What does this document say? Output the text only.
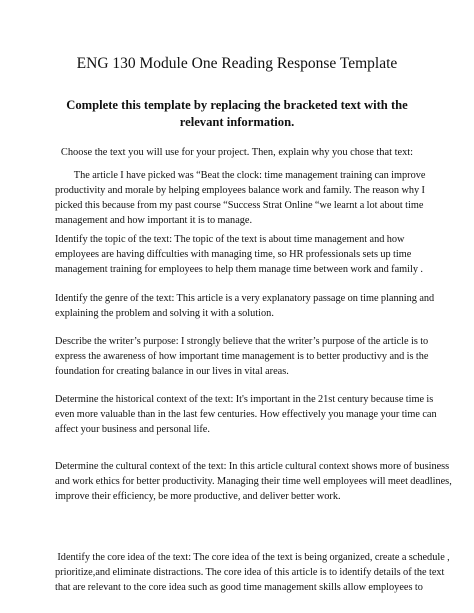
ENG 130 Module One Reading Response Template

Complete this template by replacing the bracketed text with the relevant information.

Choose the text you will use for your project. Then, explain why you chose that text:

The article I have picked was “Beat the clock: time management training can improve
productivity and morale by helping employees balance work and family. The reason why I
picked this because from my past course “Success Strat Online “we learnt a lot about time
management and how important it is to manage.
Identify the topic of the text: The topic of the text is about time management and how
employees are having diffculties with managing time, so HR professionals sets up time
management training for employees to help them manage time between work and family .
Identify the genre of the text: This article is a very explanatory passage on time planning and
explaining the problem and solving it with a solution.
Describe the writer’s purpose: I strongly believe that the writer’s purpose of the article is to
express the awareness of how important time management is to better productivy and is the
foundation for creating balance in our lives in vital areas.
Determine the historical context of the text: It's important in the 21st century because time is
even more valuable than in the last few centuries. How effectively you manage your time can
affect your business and personal life.
Determine the cultural context of the text: In this article cultural context shows more of business
and work ethics for better productivity. Managing their time well employees will meet deadlines,
improve their efficiency, be more productive, and deliver better work.
Identify the core idea of the text: The core idea of the text is being organized, create a schedule ,
prioritize,and eliminate distractions. The core idea of this article is to identify details of the text
that are relevant to the core idea such as good time management skills allow employees to
